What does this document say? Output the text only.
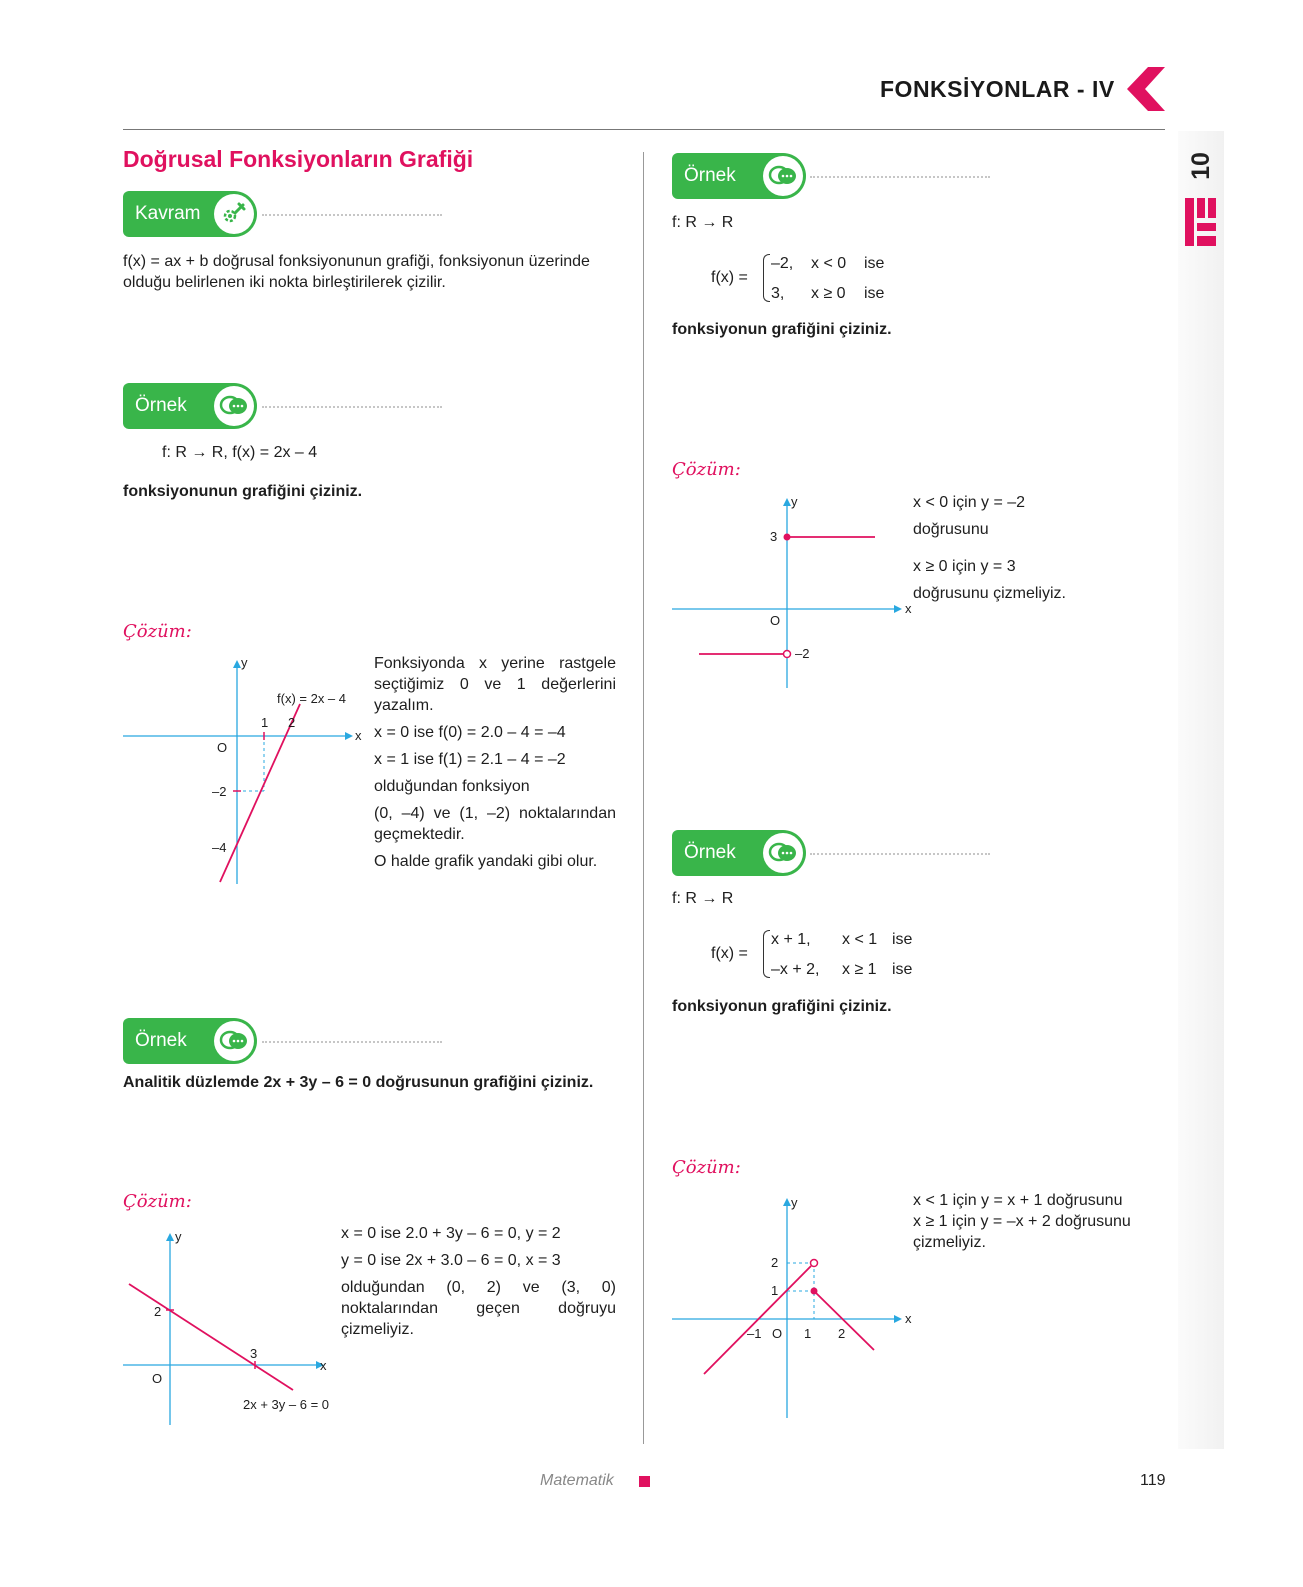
FONKSİYONLAR - IV
10
Doğrusal Fonksiyonların Grafiği
Kavram
f(x) = ax + b doğrusal fonksiyonunun grafiği, fonksiyonun üzerinde olduğu belirlenen iki nokta birleştirilerek çizilir.
Örnek
f: R → R, f(x) = 2x – 4
fonksiyonunun grafiğini çiziniz.
Çözüm:
y
x
O
1 2
–2
–4
f(x) = 2x – 4

Fonksiyonda x yerine rastgele seçtiğimiz 0 ve 1 değerlerini yazalım.

x = 0 ise f(0) = 2.0 – 4 = –4

x = 1 ise f(1) = 2.1 – 4 = –2

olduğundan fonksiyon

(0, –4) ve (1, –2) noktalarından geçmektedir.

O halde grafik yandaki gibi olur.

Örnek
Analitik düzlemde 2x + 3y – 6 = 0 doğrusunun grafiğini çiziniz.
Çözüm:
y
x
O
3
2
2x + 3y – 6 = 0

x = 0 ise 2.0 + 3y – 6 = 0, y = 2

y = 0 ise 2x + 3.0 – 6 = 0, x = 3

olduğundan (0, 2) ve (3, 0) noktalarından geçen doğruyu çizmeliyiz.

Örnek
f: R → R
f(x) =
–2, x < 0 ise
3, x ≥ 0 ise
fonksiyonun grafiğini çiziniz.
Çözüm:
y
x
O
3
–2

x < 0 için y = –2

doğrusunu

x ≥ 0 için y = 3

doğrusunu çizmeliyiz.

Örnek
f: R → R
f(x) =
x + 1, x < 1 ise
–x + 2, x ≥ 1 ise
fonksiyonun grafiğini çiziniz.
Çözüm:
y
x
O
–1	1 2
2
1

x < 1 için y = x + 1 doğrusunu

x ≥ 1 için y = –x + 2 doğrusunu

çizmeliyiz.

Matematik	119
